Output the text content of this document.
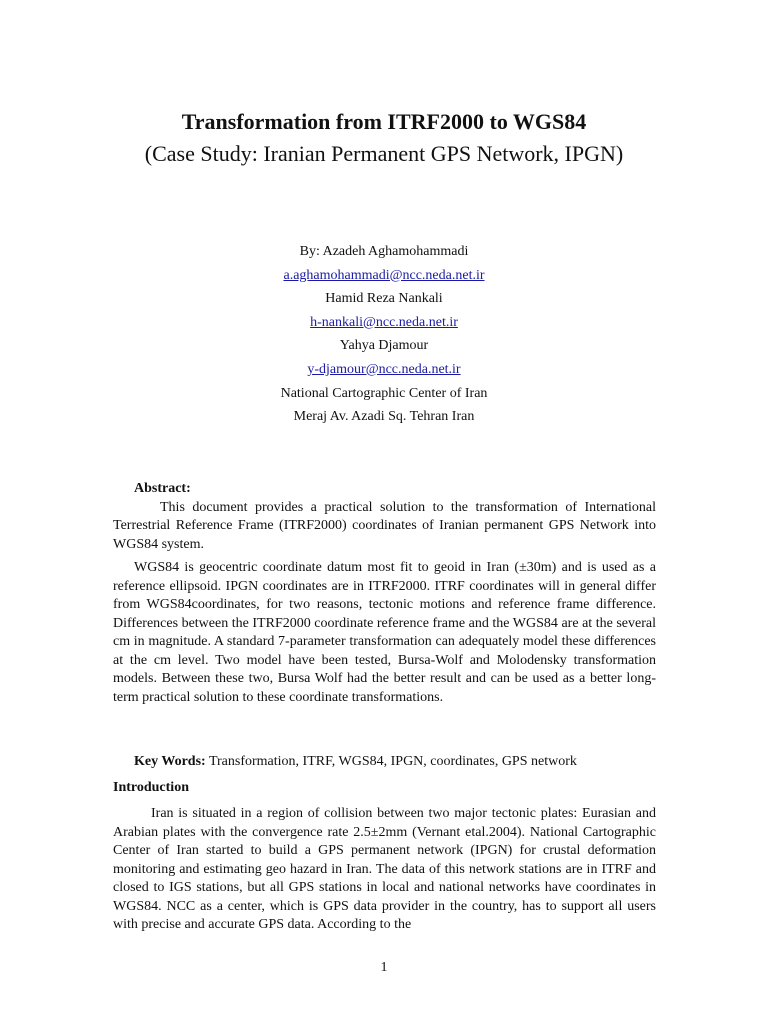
Transformation from ITRF2000 to WGS84
(Case Study: Iranian Permanent GPS Network, IPGN)
By: Azadeh Aghamohammadi
a.aghamohammadi@ncc.neda.net.ir
Hamid Reza Nankali
h-nankali@ncc.neda.net.ir
Yahya Djamour
y-djamour@ncc.neda.net.ir
National Cartographic Center of Iran
Meraj Av. Azadi Sq. Tehran Iran
Abstract:

This document provides a practical solution to the transformation of International Terrestrial Reference Frame (ITRF2000) coordinates of Iranian permanent GPS Network into WGS84 system.

WGS84 is geocentric coordinate datum most fit to geoid in Iran (±30m) and is used as a reference ellipsoid. IPGN coordinates are in ITRF2000. ITRF coordinates will in general differ from WGS84coordinates, for two reasons, tectonic motions and reference frame difference. Differences between the ITRF2000 coordinate reference frame and the WGS84 are at the several cm in magnitude. A standard 7-parameter transformation can adequately model these differences at the cm level. Two model have been tested, Bursa-Wolf and Molodensky transformation models. Between these two, Bursa Wolf had the better result and can be used as a better long-term practical solution to these coordinate transformations.

Key Words: Transformation, ITRF, WGS84, IPGN, coordinates, GPS network
Introduction

Iran is situated in a region of collision between two major tectonic plates: Eurasian and Arabian plates with the convergence rate 2.5±2mm (Vernant etal.2004). National Cartographic Center of Iran started to build a GPS permanent network (IPGN) for crustal deformation monitoring and estimating geo hazard in Iran. The data of this network stations are in ITRF and closed to IGS stations, but all GPS stations in local and national networks have coordinates in WGS84. NCC as a center, which is GPS data provider in the country, has to support all users with precise and accurate GPS data. According to the

1
